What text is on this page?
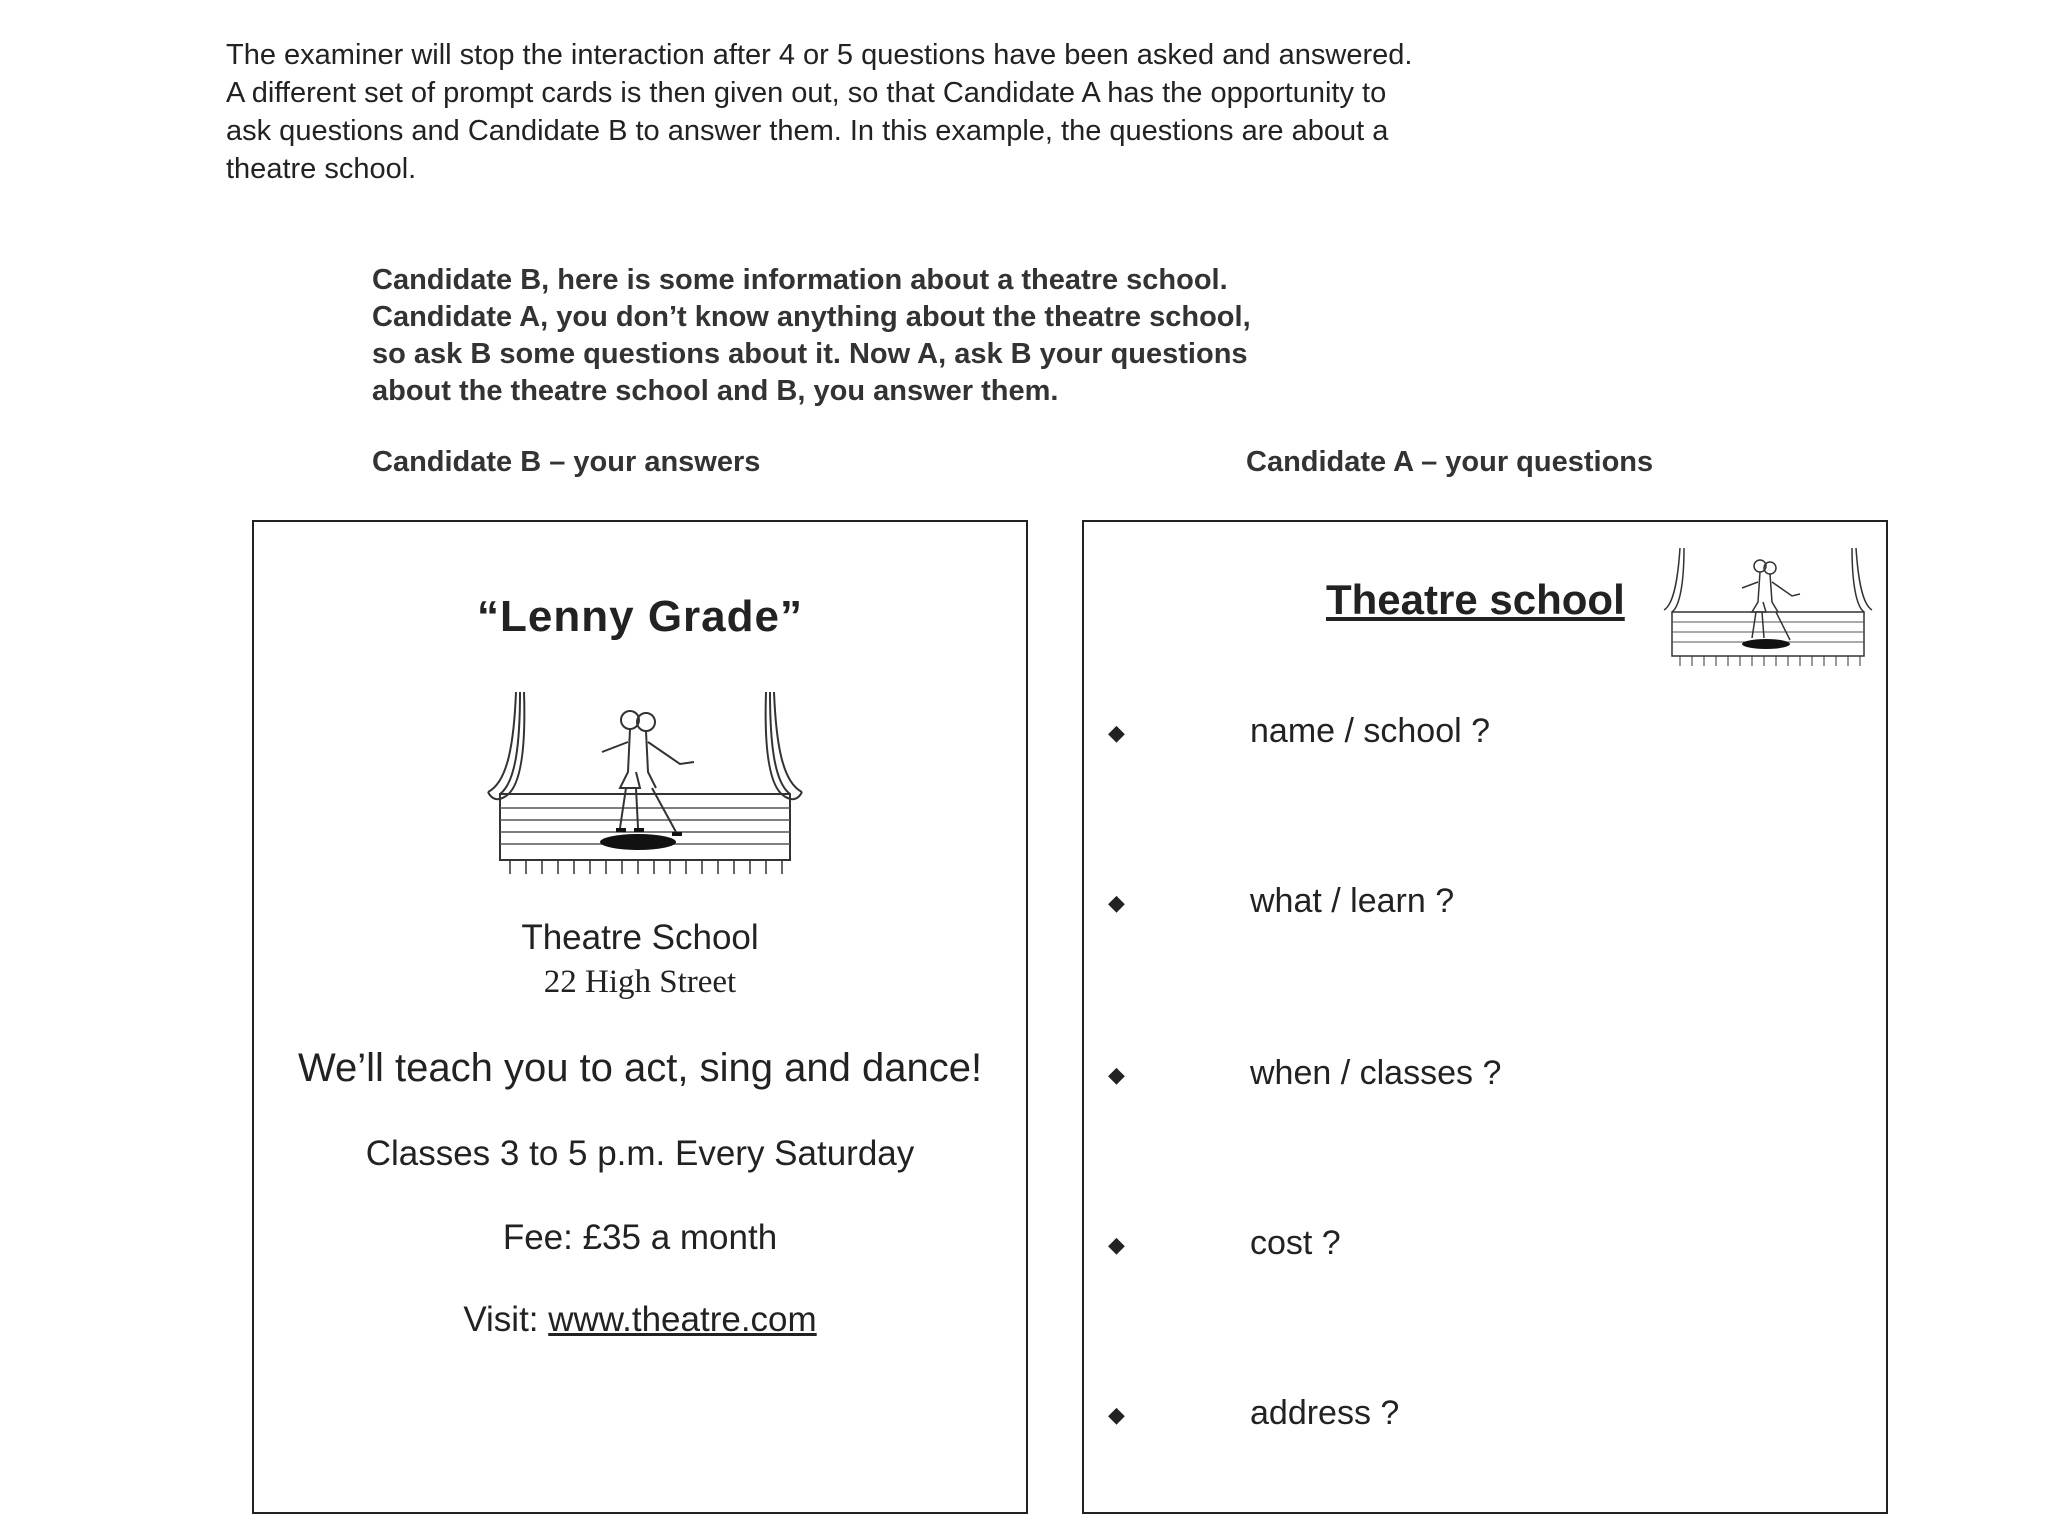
The examiner will stop the interaction after 4 or 5 questions have been asked and answered.
A different set of prompt cards is then given out, so that Candidate A has the opportunity to
ask questions and Candidate B to answer them. In this example, the questions are about a
theatre school.
Candidate B, here is some information about a theatre school.
Candidate A, you don’t know anything about the theatre school,
so ask B some questions about it. Now A, ask B your questions
about the theatre school and B, you answer them.
Candidate B – your answers	Candidate A – your questions
“Lenny Grade”
Theatre School
22 High Street
We’ll teach you to act, sing and dance!
Classes 3 to 5 p.m. Every Saturday
Fee: £35 a month
Visit: www.theatre.com
Theatre school
◆	name / school ?
◆	what / learn ?
◆	when / classes ?
◆	cost ?
◆	address ?
